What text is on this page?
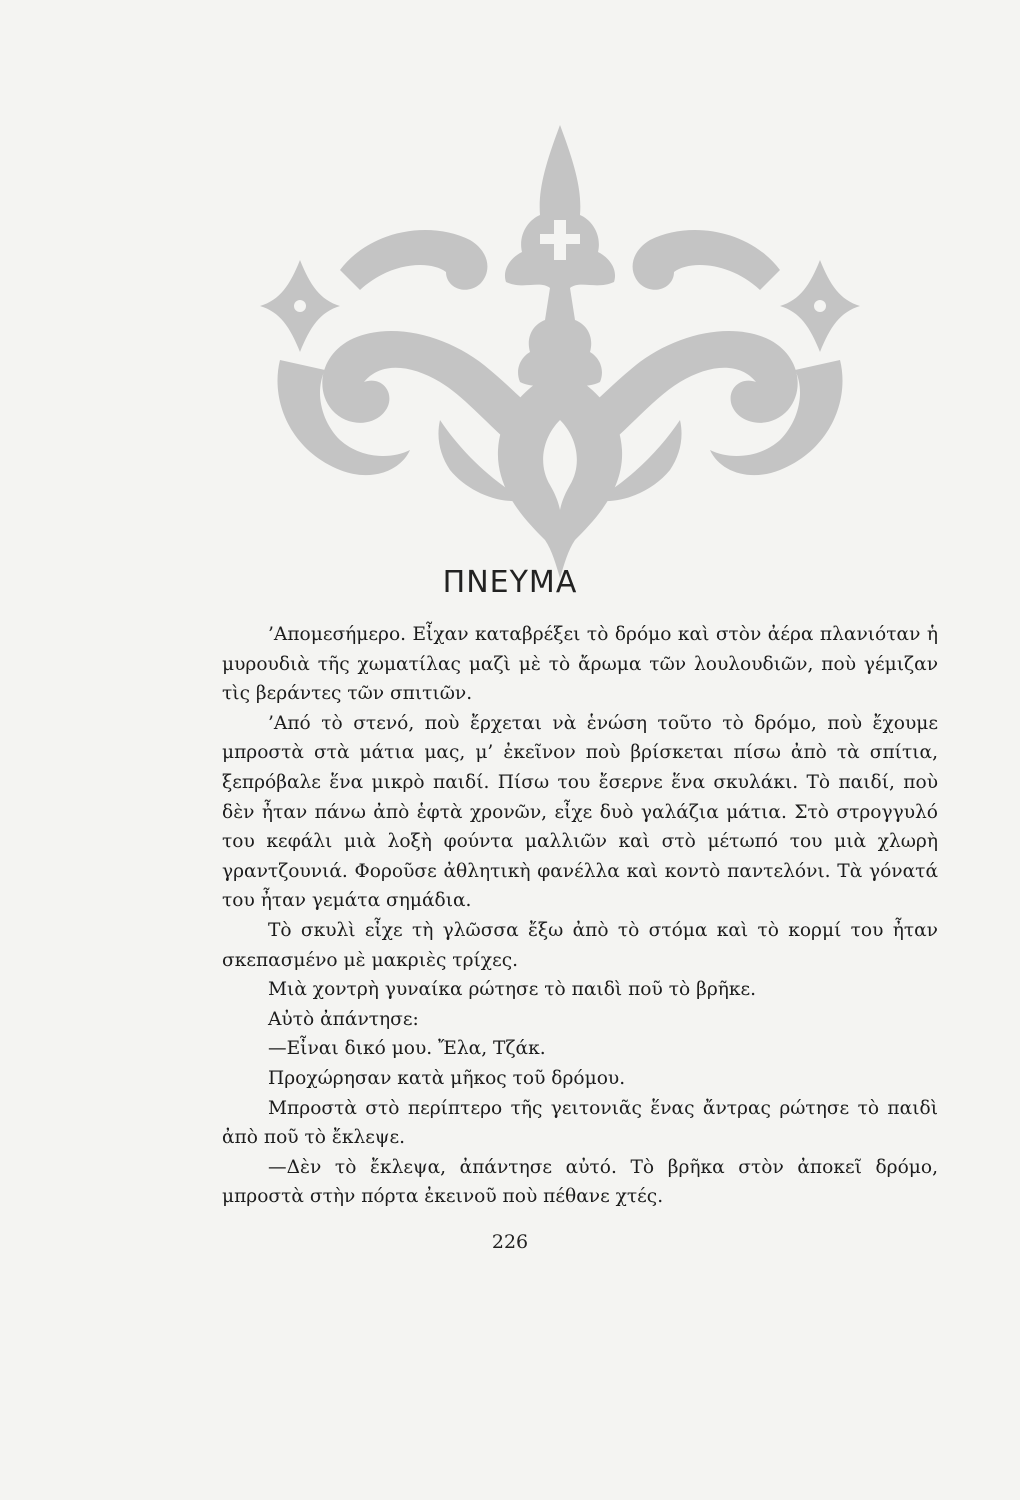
ΠΝΕΥΜΑ

’Απομεσήμερο. Εἶχαν καταβρέξει τὸ δρόμο καὶ στὸν ἀέρα πλανιόταν ἡ μυρουδιὰ τῆς χωματίλας μαζὶ μὲ τὸ ἄρωμα τῶν λουλουδιῶν, ποὺ γέμιζαν τὶς βεράντες τῶν σπιτιῶν.

’Από τὸ στενό, ποὺ ἔρχεται νὰ ἑνώση τοῦτο τὸ δρόμο, ποὺ ἔχουμε μπροστὰ στὰ μάτια μας, μ’ ἐκεῖνον ποὺ βρίσκεται πίσω ἀπὸ τὰ σπίτια, ξεπρόβαλε ἕνα μικρὸ παιδί. Πίσω του ἔσερνε ἕνα σκυλάκι. Τὸ παιδί, ποὺ δὲν ἦταν πάνω ἀπὸ ἑφτὰ χρονῶν, εἶχε δυὸ γαλάζια μάτια. Στὸ στρογγυλό του κεφάλι μιὰ λοξὴ φούντα μαλλιῶν καὶ στὸ μέτωπό του μιὰ χλωρὴ γραντζουνιά. Φοροῦσε ἀθλητικὴ φανέλλα καὶ κοντὸ παντελόνι. Τὰ γόνατά του ἦταν γεμάτα σημάδια.

Τὸ σκυλὶ εἶχε τὴ γλῶσσα ἔξω ἀπὸ τὸ στόμα καὶ τὸ κορμί του ἦταν σκεπασμένο μὲ μακριὲς τρίχες.

Μιὰ χοντρὴ γυναίκα ρώτησε τὸ παιδὶ ποῦ τὸ βρῆκε.

Αὐτὸ ἀπάντησε:

—Εἶναι δικό μου. Ἔλα, Τζάκ.

Προχώρησαν κατὰ μῆκος τοῦ δρόμου.

Μπροστὰ στὸ περίπτερο τῆς γειτονιᾶς ἕνας ἄντρας ρώτησε τὸ παιδὶ ἀπὸ ποῦ τὸ ἔκλεψε.

—Δὲν τὸ ἔκλεψα, ἀπάντησε αὐτό. Τὸ βρῆκα στὸν ἀποκεῖ δρόμο, μπροστὰ στὴν πόρτα ἐκεινοῦ ποὺ πέθανε χτές.

226
